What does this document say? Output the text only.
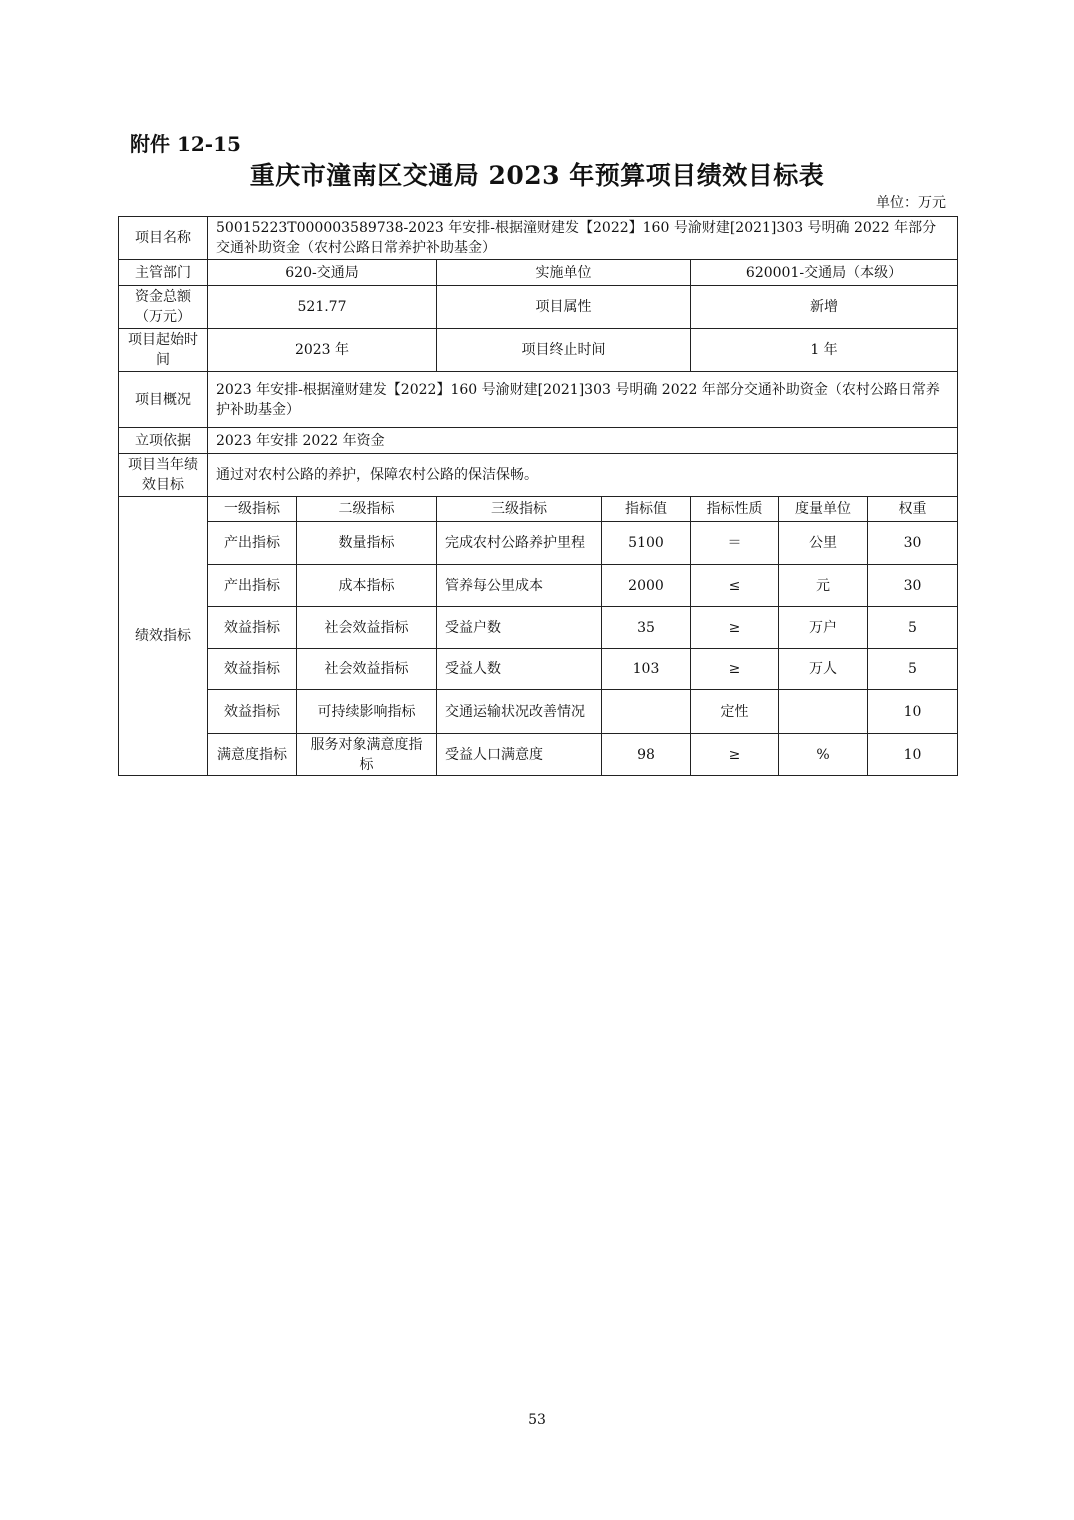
附件 12-15
重庆市潼南区交通局 2023 年预算项目绩效目标表
单位：万元
项目名称	50015223T000003589738-2023 年安排-根据潼财建发【2022】160 号渝财建[2021]303 号明确 2022 年部分交通补助资金（农村公路日常养护补助基金）						
主管部门	620-交通局		实施单位		620001-交通局（本级）		
资金总额（万元）	521.77		项目属性		新增		
项目起始时间	2023 年		项目终止时间		1 年		
项目概况	2023 年安排-根据潼财建发【2022】160 号渝财建[2021]303 号明确 2022 年部分交通补助资金（农村公路日常养护补助基金）						
立项依据	2023 年安排 2022 年资金						
项目当年绩效目标	通过对农村公路的养护，保障农村公路的保洁保畅。						
绩效指标	一级指标	二级指标	三级指标	指标值	指标性质	度量单位	权重
	产出指标	数量指标	完成农村公路养护里程	5100	＝	公里	30
	产出指标	成本指标	管养每公里成本	2000	≤	元	30
	效益指标	社会效益指标	受益户数	35	≥	万户	5
	效益指标	社会效益指标	受益人数	103	≥	万人	5
	效益指标	可持续影响指标	交通运输状况改善情况		定性		10
	满意度指标	服务对象满意度指标	受益人口满意度	98	≥	%	10
53
